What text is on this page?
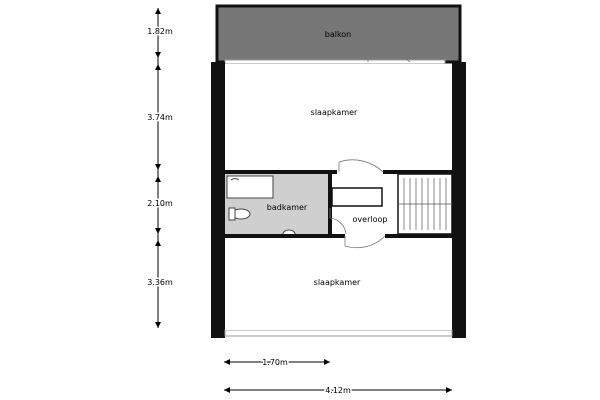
balkon
slaapkamer
badkamer
overloop
slaapkamer
1.82m
3.74m
2.10m
3.36m
1.70m
4.12m
